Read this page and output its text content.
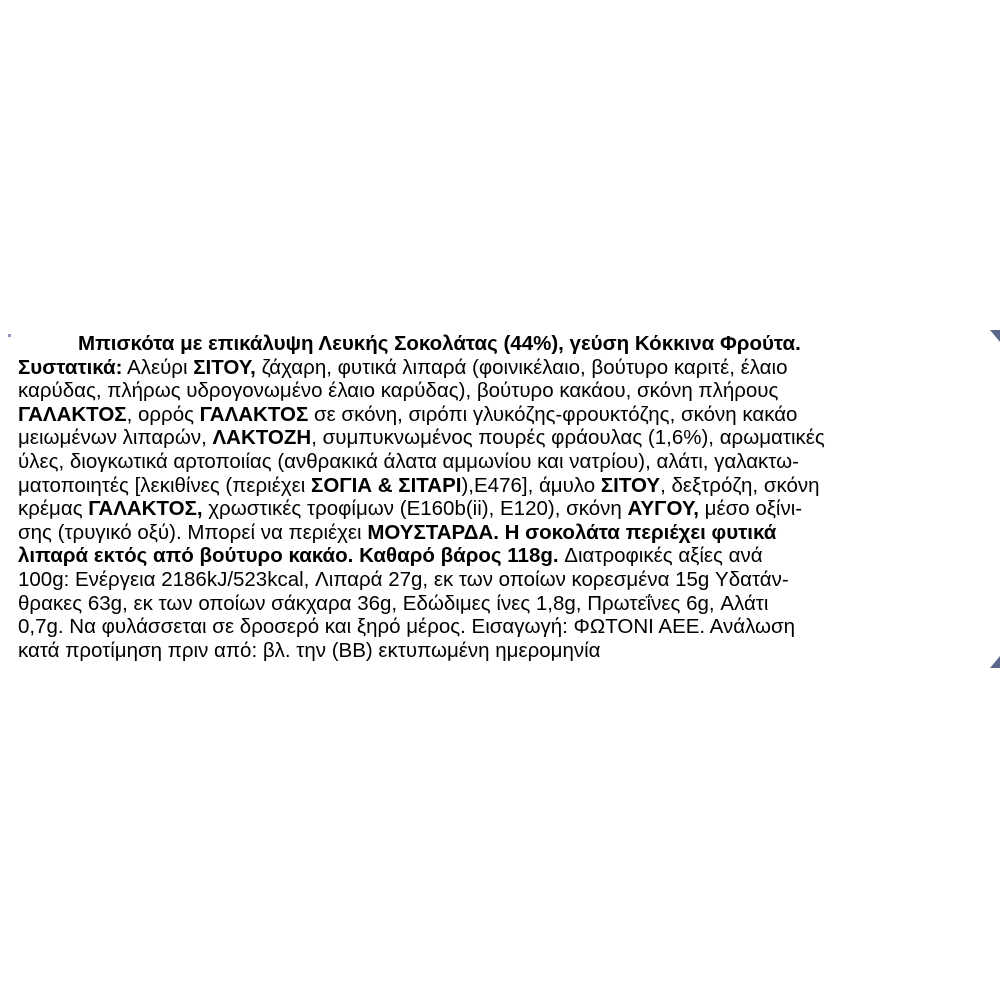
Μπισκότα με επικάλυψη Λευκής Σοκολάτας (44%), γεύση Κόκκινα Φρούτα.
Συστατικά: Αλεύρι ΣΙΤΟΥ, ζάχαρη, φυτικά λιπαρά (φοινικέλαιο, βούτυρο καριτέ, έλαιο
καρύδας, πλήρως υδρογονωμένο έλαιο καρύδας), βούτυρο κακάου, σκόνη πλήρους
ΓΑΛΑΚΤΟΣ, ορρός ΓΑΛΑΚΤΟΣ σε σκόνη, σιρόπι γλυκόζης-φρουκτόζης, σκόνη κακάο
μειωμένων λιπαρών, ΛΑΚΤΟΖΗ, συμπυκνωμένος πουρές φράουλας (1,6%), αρωματικές
ύλες, διογκωτικά αρτοποιίας (ανθρακικά άλατα αμμωνίου και νατρίου), αλάτι, γαλακτω-
ματοποιητές [λεκιθίνες (περιέχει ΣΟΓΙΑ & ΣΙΤΑΡΙ),E476], άμυλο ΣΙΤΟΥ, δεξτρόζη, σκόνη
κρέμας ΓΑΛΑΚΤΟΣ, χρωστικές τροφίμων (E160b(ii), E120), σκόνη ΑΥΓΟΥ, μέσο οξίνι-
σης (τρυγικό οξύ). Μπορεί να περιέχει ΜΟΥΣΤΑΡΔΑ. Η σοκολάτα περιέχει φυτικά
λιπαρά εκτός από βούτυρο κακάο. Καθαρό βάρος 118g. Διατροφικές αξίες ανά
100g: Ενέργεια 2186kJ/523kcal, Λιπαρά 27g, εκ των οποίων κορεσμένα 15g Υδατάν-
θρακες 63g, εκ των οποίων σάκχαρα 36g, Εδώδιμες ίνες 1,8g, Πρωτεΐνες 6g, Αλάτι
0,7g. Να φυλάσσεται σε δροσερό και ξηρό μέρος. Εισαγωγή: ΦΩΤΟΝΙ ΑΕΕ. Ανάλωση
κατά προτίμηση πριν από: βλ. την (ΒΒ) εκτυπωμένη ημερομηνία
